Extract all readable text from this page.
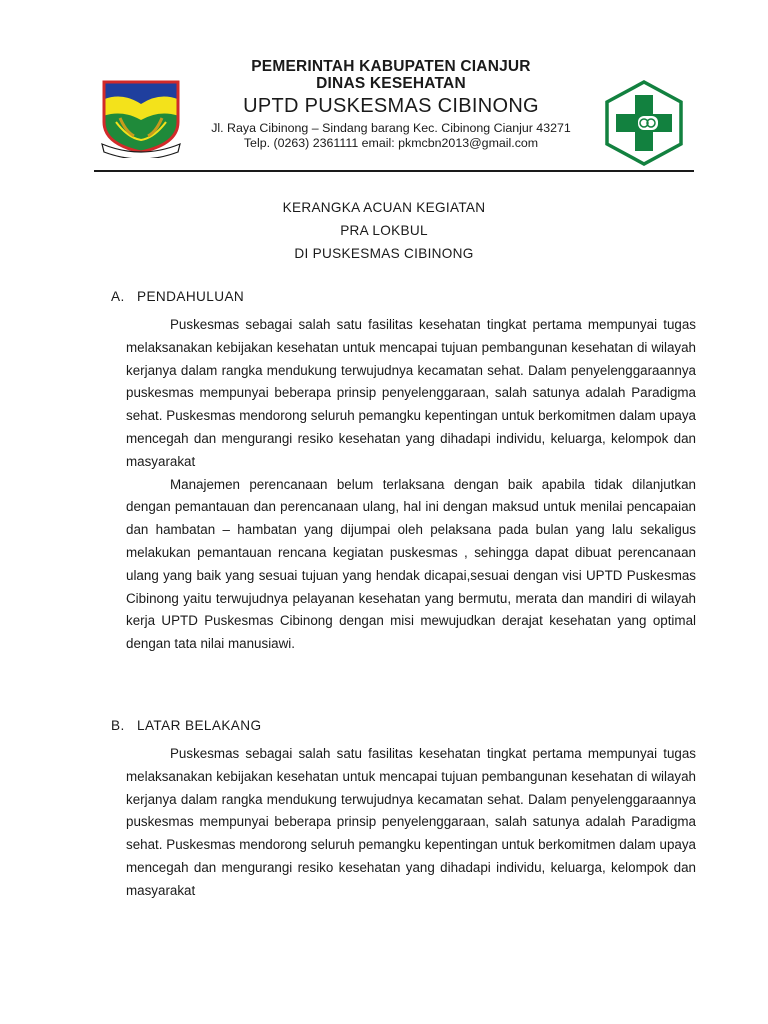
PEMERINTAH KABUPATEN CIANJUR
DINAS KESEHATAN
UPTD PUSKESMAS CIBINONG
Jl. Raya Cibinong – Sindang barang Kec. Cibinong Cianjur 43271
Telp. (0263) 2361111 email: pkmcbn2013@gmail.com
KERANGKA ACUAN KEGIATAN
PRA LOKBUL
DI PUSKESMAS CIBINONG
A. PENDAHULUAN

Puskesmas sebagai salah satu fasilitas kesehatan tingkat pertama mempunyai tugas melaksanakan kebijakan kesehatan untuk mencapai tujuan pembangunan kesehatan di wilayah kerjanya dalam rangka mendukung terwujudnya kecamatan sehat. Dalam penyelenggaraannya puskesmas mempunyai beberapa prinsip penyelenggaraan, salah satunya adalah Paradigma sehat. Puskesmas mendorong seluruh pemangku kepentingan untuk berkomitmen dalam upaya mencegah dan mengurangi resiko kesehatan yang dihadapi individu, keluarga, kelompok dan masyarakat

Manajemen perencanaan belum terlaksana dengan baik apabila tidak dilanjutkan dengan pemantauan dan perencanaan ulang, hal ini dengan maksud untuk menilai pencapaian dan hambatan – hambatan yang dijumpai oleh pelaksana pada bulan yang lalu sekaligus melakukan pemantauan rencana kegiatan puskesmas , sehingga dapat dibuat perencanaan ulang yang baik yang sesuai tujuan yang hendak dicapai,sesuai dengan visi UPTD Puskesmas Cibinong yaitu terwujudnya pelayanan kesehatan yang bermutu, merata dan mandiri di wilayah kerja UPTD Puskesmas Cibinong dengan misi mewujudkan derajat kesehatan yang optimal dengan tata nilai manusiawi.

B. LATAR BELAKANG

Puskesmas sebagai salah satu fasilitas kesehatan tingkat pertama mempunyai tugas melaksanakan kebijakan kesehatan untuk mencapai tujuan pembangunan kesehatan di wilayah kerjanya dalam rangka mendukung terwujudnya kecamatan sehat. Dalam penyelenggaraannya puskesmas mempunyai beberapa prinsip penyelenggaraan, salah satunya adalah Paradigma sehat. Puskesmas mendorong seluruh pemangku kepentingan untuk berkomitmen dalam upaya mencegah dan mengurangi resiko kesehatan yang dihadapi individu, keluarga, kelompok dan masyarakat
